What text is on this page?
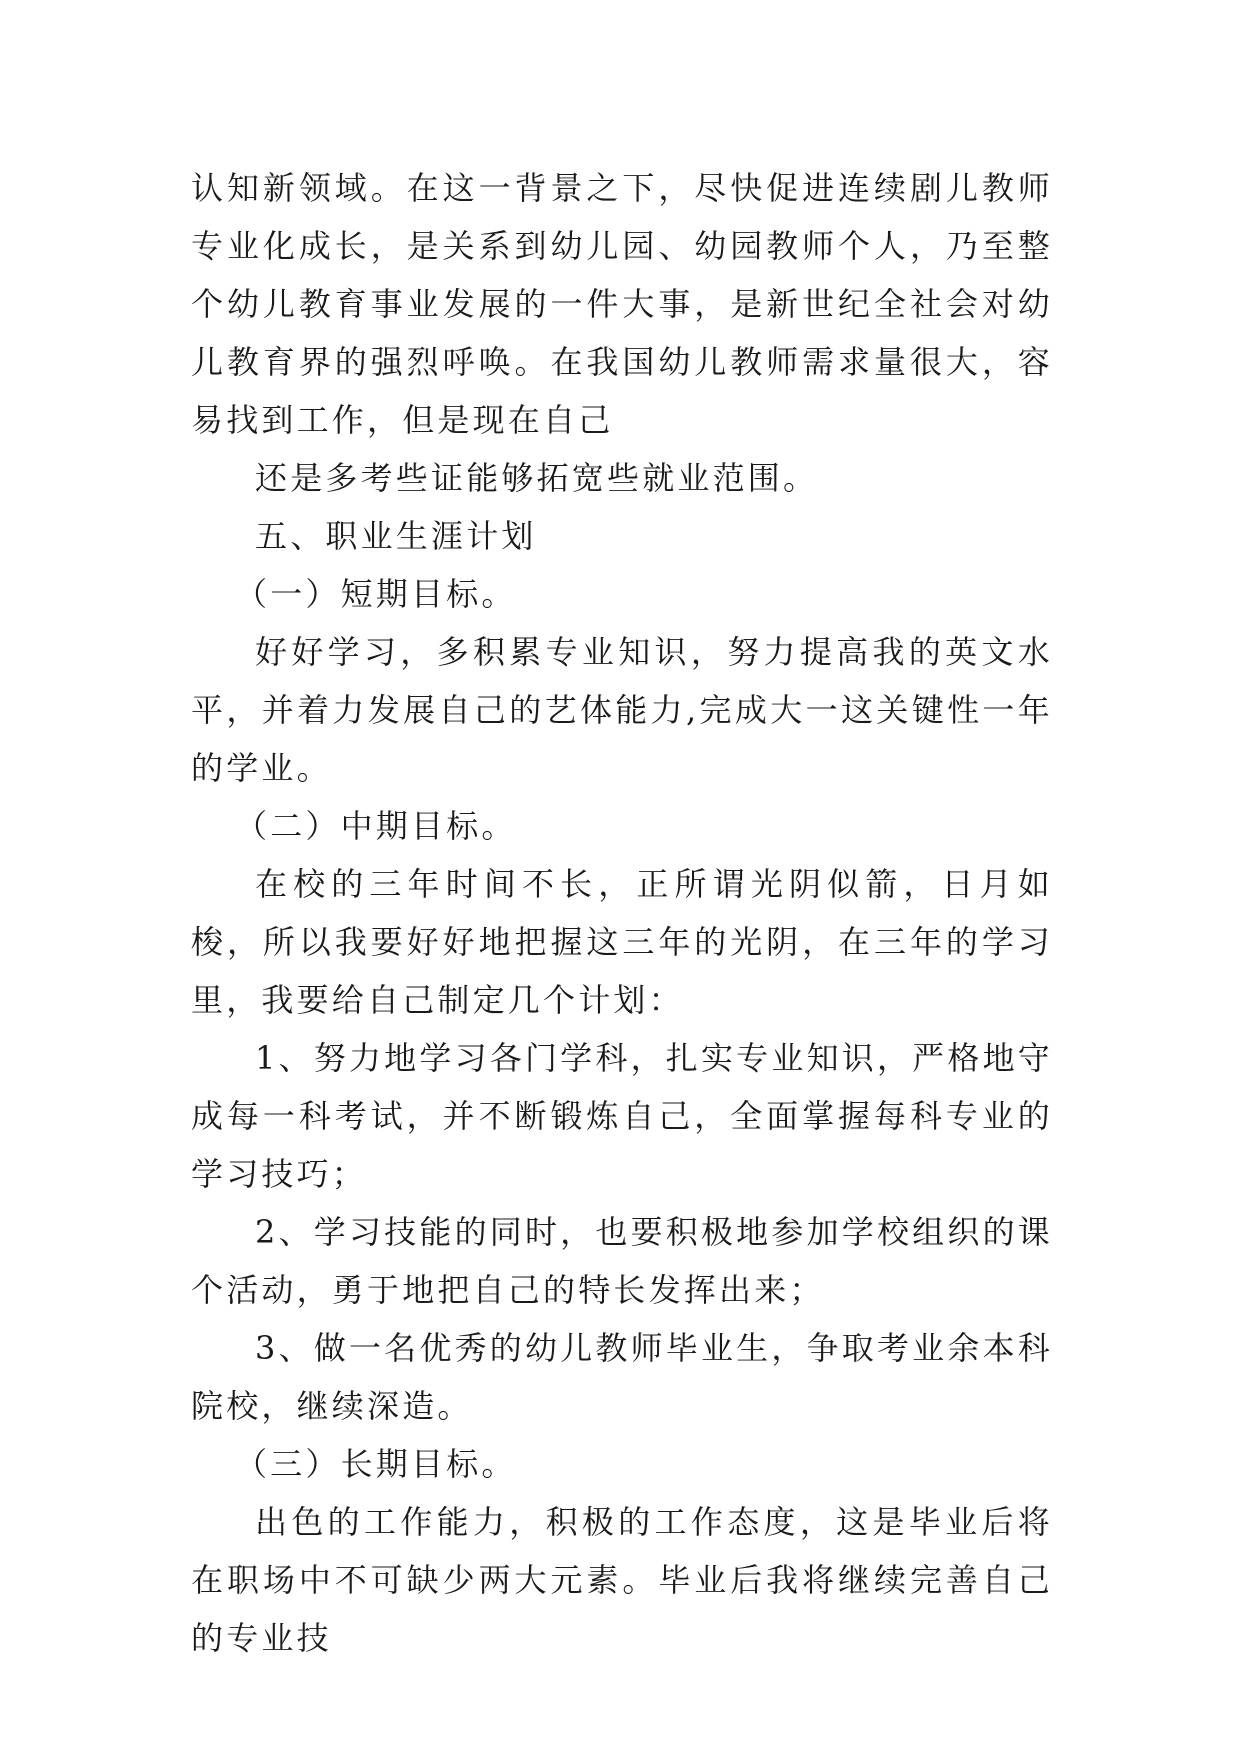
认知新领域。在这一背景之下，尽快促进连续剧儿教师专业化成长，是关系到幼儿园、幼园教师个人，乃至整个幼儿教育事业发展的一件大事，是新世纪全社会对幼儿教育界的强烈呼唤。在我国幼儿教师需求量很大，容易找到工作，但是现在自己

还是多考些证能够拓宽些就业范围。

五、职业生涯计划

（一）短期目标。

好好学习，多积累专业知识，努力提高我的英文水平，并着力发展自己的艺体能力,完成大一这关键性一年的学业。

（二）中期目标。

在校的三年时间不长，正所谓光阴似箭，日月如梭，所以我要好好地把握这三年的光阴，在三年的学习里，我要给自己制定几个计划：

1、努力地学习各门学科，扎实专业知识，严格地守成每一科考试，并不断锻炼自己，全面掌握每科专业的学习技巧；

2、学习技能的同时，也要积极地参加学校组织的课个活动，勇于地把自己的特长发挥出来；

3、做一名优秀的幼儿教师毕业生，争取考业余本科院校，继续深造。

（三）长期目标。

出色的工作能力，积极的工作态度，这是毕业后将在职场中不可缺少两大元素。毕业后我将继续完善自己的专业技
